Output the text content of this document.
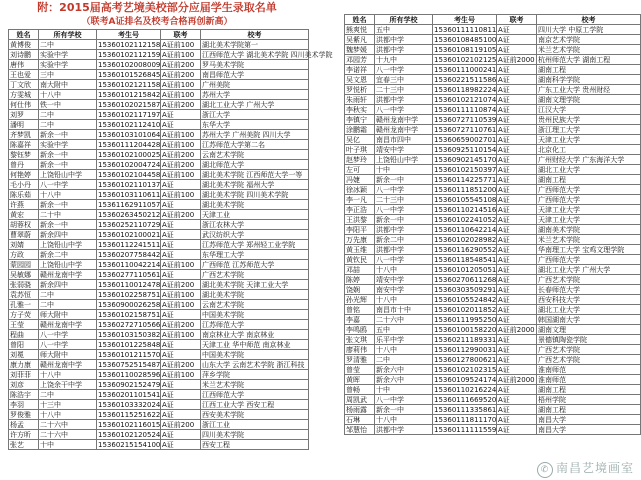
附：2015届高考艺境美校部分应届学生录取名单
（联考A证排名及校考合格再创新高）
姓名	所有学校	考生号	联考	校考
黄博俊	二中	15360102112158	A证前100	湖北美术学院第一
刘诗鹏	实验中学	15360102112159	A证前100	江西师范大学 湖北美术学院 四川美术学院
唐伟	实验中学	15360102008009	A证前200	罗马美术学院
王也爱	三中	15360101526845	A证前200	南昌师范大学
丁文欣	南大附中	15360102121158	A证前100	广州美院
方雯城	十八中	15360101215842	A证前100	苏州大学
何仕伟	铁一中	15360102021587	A证前200	湖北工业大学 广州大学
刘罗	二中	15360102117197	A证	浙江大学
潘明	二中	15360102112410	A证	东华大学
齐梦凯	新余一中	15360103101064	A证前100	苏州大学 广州美院 四川大学
陈嘉祥	实验中学	15360111204428	A证前100	江苏师范大学第二名
黎钰梦	新余一中	15360102100025	A证前200	云南艺术学院
曾丹	新余一中	15360102004724	A证前200	湖北师范大学
何艳婷	上饶铅山中学	15360102104458	A证前100	湖北美术学院 江西师范大学一等
毛小丹	八一中学	15360102110137	A证	湖北美术学院 福州大学
陈乐茹	十八中	15360103110611	A证前100	湖北美术学院 四川美术学院
许燕	新余一中	15361162911057	A证	湖北美术学院
黄宏	二十中	15360263450212	A证前200	天津工业
胡蓉权	新余一中	15360252110729	A证	浙江农林大学
曹翠蔚	新余四中	15360102100021	A证	武汉纺织大学
刘婧	上饶铅山中学	15360112241511	A证	江苏师范大学 郑州轻工业学院
方政	新余二中	15360207758442	A证	东华理工大学
蒙园园	上饶铅山中学	15360110042214	A证前100	广西师范 江苏师范大学
吴敏娜	赣州龙南中学	15360277110561	A证	广西艺术学院
张弱骁	新余四中	15360110012478	A证前200	湖北美术学院 天津工业大学
袁苏恒	二中	15360102258751	A证前100	湖北美术学院
孔雅一	二中	15360900026258	A证前100	云南艺术学院
方子荧	师大附中	15360102158751	A证	中国美术学院
王莹	赣州龙南中学	15360272710566	A证前200	江苏师范大学
程曲	八一中学	15360103150382	A证前100	南京林业大学 南京林业
曾阳	八一中学	15360101225848	A证	天津工业 华中师范 南京林业
刘冕	师大附中	15360101211570	A证	中国美术学院
康力康	赣州龙南中学	15360752515487	A证前200	山东大学 云南艺术学院 浙江科技
刘菲菲	十八中	15360110028596	A证前100	萍乡学院
刘彦	上饶余干中学	15360902152479	A证	米兰艺术学院
陈浩宇	二中	15360201101541	A证	江西师范大学
李羽	十三中	15360103332024	A证	江西工业大学 西安工程
罗俊雅	十八中	15360115251622	A证	西安美术学院
杨孟	二十六中	15360102116015	A证前200	浙江工业
许方昕	二十六中	15360102120524	A证	四川美术学院
张艺	十中	15360215154100	A证	西安工程
姓名	所有学校	考生号	联考	校考
熊爽悦	五中	15360111110811	A证	四川大学 中原工学院
吴紫凡	洪都中学	15360108485100	A证	南京艺术学院
魏梦媛	洪都中学	15360108119105	A证	米兰艺术学院
邓园芳	十九中	15360102102125	A证前2000	杭州师范大学 湖南工程
李诺祥	八一中学	15360111000241	A证	湖南工程
吴文恩	宜春三中	15360221511586	A证	湖南科学学院
罗悦析	二十三中	15360118982224	A证	广东工业大学 贵州财经
朱雨轩	洪都中学	15360102121074	A证	湖南文理学院
李秋实	八一中学	15360111110874	A证	江汉大学
李镇宁	赣州龙南中学	15360727110539	A证	贵州民族大学
涂鹏霜	赣州龙南中学	15360727110761	A证	浙江理工大学
吴亿	南昌市四中	15360659002701	A证	天津工业大学
叶子琪	靖安中学	15360925110154	A证	北京化工
赵梦玲	上饶铅山中学	15360902145170	A证	广州财经大学 广东海洋大学
左可	十中	15360102150397	A证	湖北工业大学
冯婕	新余一中	15360114225771	A证	湖南工程
徐冰颖	八一中学	15360111851200	A证	广西师范大学
李一凡	二十三中	15360105545108	A证	广西师范大学
李正浩	八一中学	15360110214516	A证	天津工业大学
王洪黎	新余一中	15360102241052	A证	天津工业大学
李阳平	洪都中学	15360110642214	A证	湖南美术学院
万先康	新余二中	15360102028982	A证	米兰艺术学院
黄玉维	洪都中学	15360116290552	A证	华南理工大学 宝鸡文理学院
黄钦民	八一中学	15360118548541	A证	广西师范大学
邓喆	十八中	15360101205051	A证	湖北工业大学 广州大学
陈婷	靖安中学	15360270611268	A证	广西艺术学院
饶娴	南安中学	15360303509291	A证	长春师范大学
孙光辉	十八中	15360105524842	A证	西安科技大学
曾铭	南昌市十中	15360102011852	A证	湖北工业大学
李嘉	二十六中	15360111995250	A证	韩国湖南大学
李鸣鸥	五中	15360100158220	A证前2000	湖南文理
张文琪	乐平中学	15360211189331	A证	景德镇陶瓷学院
廖莉伟	十八中	15360112990031	A证	广西艺术学院
罗清雅	二中	15360127800621	A证	广西艺术学院
曾莹	新余六中	15360102102315	A证	淮南师范
黄晖	新余六中	15360109524174	A证前2000	淮南师范
曾畅	十中	15360110216224	A证	湖南工程
周凯武	八一中学	15360111669520	A证	梧州学院
杨雨露	新余一中	15360111335861	A证	湖南工程
石琳	十八中	15360111811170	A证	南昌大学
邹慧怡	洪都中学	15360111111559	A证	南昌大学
✆ 南昌艺境画室
